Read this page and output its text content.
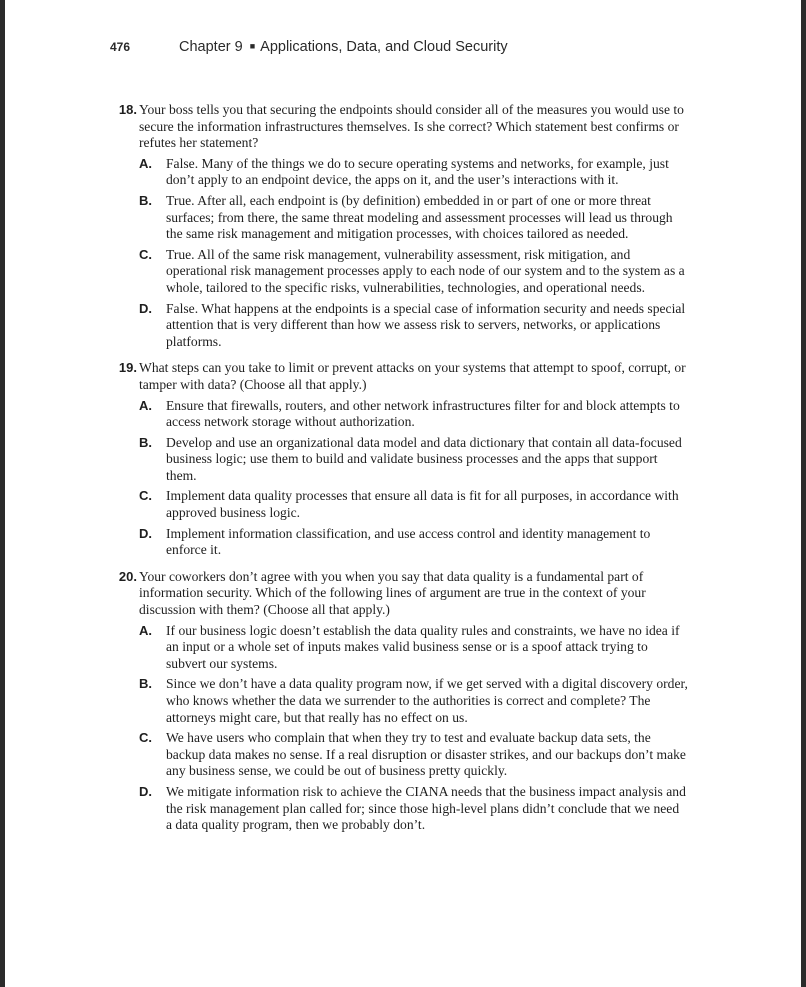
476	Chapter 9 ■ Applications, Data, and Cloud Security
18. Your boss tells you that securing the endpoints should consider all of the measures you would use to secure the information infrastructures themselves. Is she correct? Which statement best confirms or refutes her statement?
A. False. Many of the things we do to secure operating systems and networks, for example, just don’t apply to an endpoint device, the apps on it, and the user’s interactions with it.
B. True. After all, each endpoint is (by definition) embedded in or part of one or more threat surfaces; from there, the same threat modeling and assessment processes will lead us through the same risk management and mitigation processes, with choices tailored as needed.
C. True. All of the same risk management, vulnerability assessment, risk mitigation, and operational risk management processes apply to each node of our system and to the system as a whole, tailored to the specific risks, vulnerabilities, technologies, and operational needs.
D. False. What happens at the endpoints is a special case of information security and needs special attention that is very different than how we assess risk to servers, networks, or applications platforms.
19. What steps can you take to limit or prevent attacks on your systems that attempt to spoof, corrupt, or tamper with data? (Choose all that apply.)
A. Ensure that firewalls, routers, and other network infrastructures filter for and block attempts to access network storage without authorization.
B. Develop and use an organizational data model and data dictionary that contain all data-focused business logic; use them to build and validate business processes and the apps that support them.
C. Implement data quality processes that ensure all data is fit for all purposes, in accordance with approved business logic.
D. Implement information classification, and use access control and identity management to enforce it.
20. Your coworkers don’t agree with you when you say that data quality is a fundamental part of information security. Which of the following lines of argument are true in the context of your discussion with them? (Choose all that apply.)
A. If our business logic doesn’t establish the data quality rules and constraints, we have no idea if an input or a whole set of inputs makes valid business sense or is a spoof attack trying to subvert our systems.
B. Since we don’t have a data quality program now, if we get served with a digital discovery order, who knows whether the data we surrender to the authorities is correct and complete? The attorneys might care, but that really has no effect on us.
C. We have users who complain that when they try to test and evaluate backup data sets, the backup data makes no sense. If a real disruption or disaster strikes, and our backups don’t make any business sense, we could be out of business pretty quickly.
D. We mitigate information risk to achieve the CIANA needs that the business impact analysis and the risk management plan called for; since those high-level plans didn’t conclude that we need a data quality program, then we probably don’t.
